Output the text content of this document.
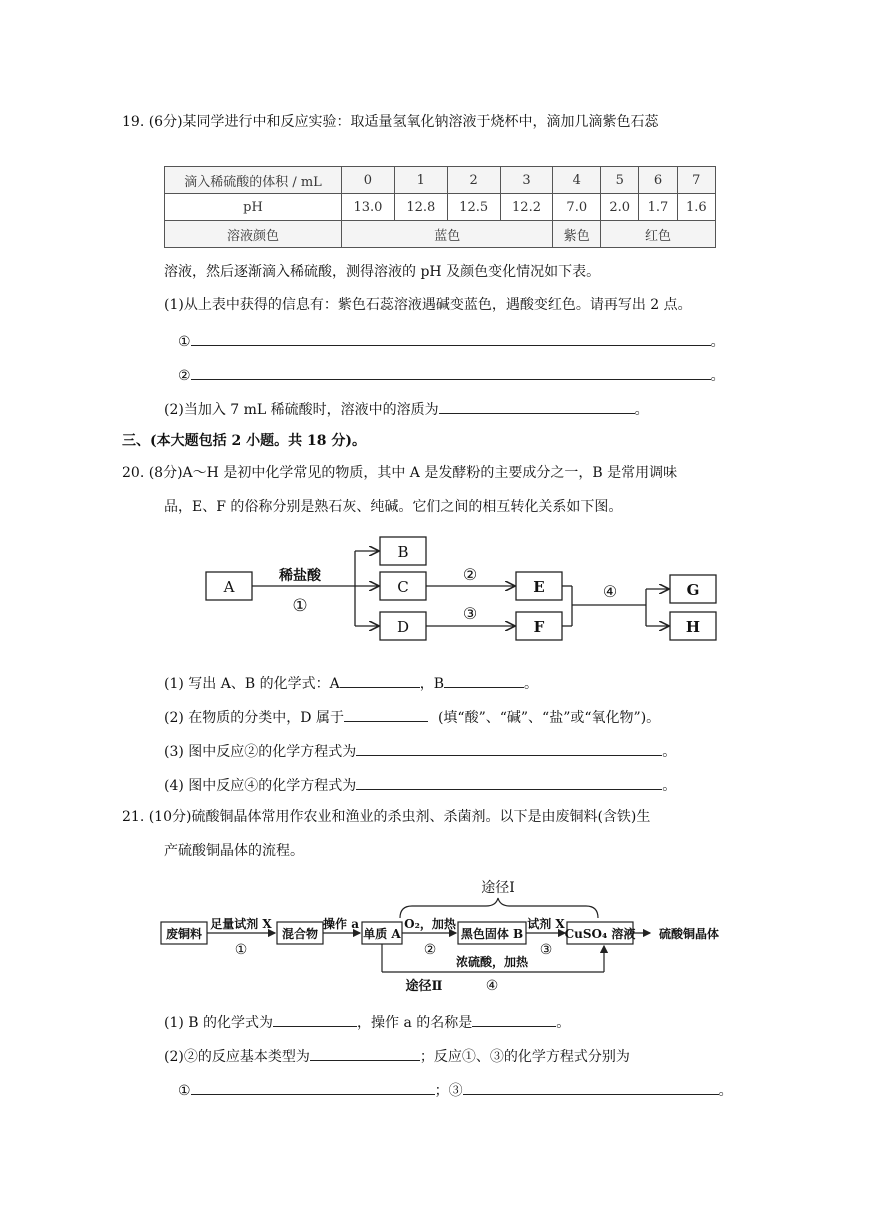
19. (6分)某同学进行中和反应实验：取适量氢氧化钠溶液于烧杯中，滴加几滴紫色石蕊
滴入稀硫酸的体积 / mL	0	1	2	3	4	5	6	7
pH	13.0	12.8	12.5	12.2	7.0	2.0	1.7	1.6
溶液颜色	蓝色				紫色	红色		
溶液，然后逐渐滴入稀硫酸，测得溶液的 pH 及颜色变化情况如下表。
(1)从上表中获得的信息有：紫色石蕊溶液遇碱变蓝色，遇酸变红色。请再写出 2 点。
①	。
②	。
(2)当加入 7 mL 稀硫酸时，溶液中的溶质为	。
三、(本大题包括 2 小题。共 18 分)。
20. (8分)A～H 是初中化学常见的物质，其中 A 是发酵粉的主要成分之一，B 是常用调味
品，E、F 的俗称分别是熟石灰、纯碱。它们之间的相互转化关系如下图。
A
B
C
D
E
F
G
H
稀盐酸
①
②
③
④
(1) 写出 A、B 的化学式：A	，B	。
(2) 在物质的分类中，D 属于	(填“酸”、“碱”、“盐”或“氧化物”)。
(3) 图中反应②的化学方程式为	。
(4) 图中反应④的化学方程式为	。
21. (10分)硫酸铜晶体常用作农业和渔业的杀虫剂、杀菌剂。以下是由废铜料(含铁)生
产硫酸铜晶体的流程。
途径Ⅰ
废铜料
足量试剂 X
①
混合物
操作 a
单质 A
O₂，加热
②
黑色固体 B
试剂 X
③
CuSO₄ 溶液 硫酸铜晶体
浓硫酸，加热
途径Ⅱ	④
(1) B 的化学式为	，操作 a 的名称是	。
(2)②的反应基本类型为	；反应①、③的化学方程式分别为
①	；③	。
